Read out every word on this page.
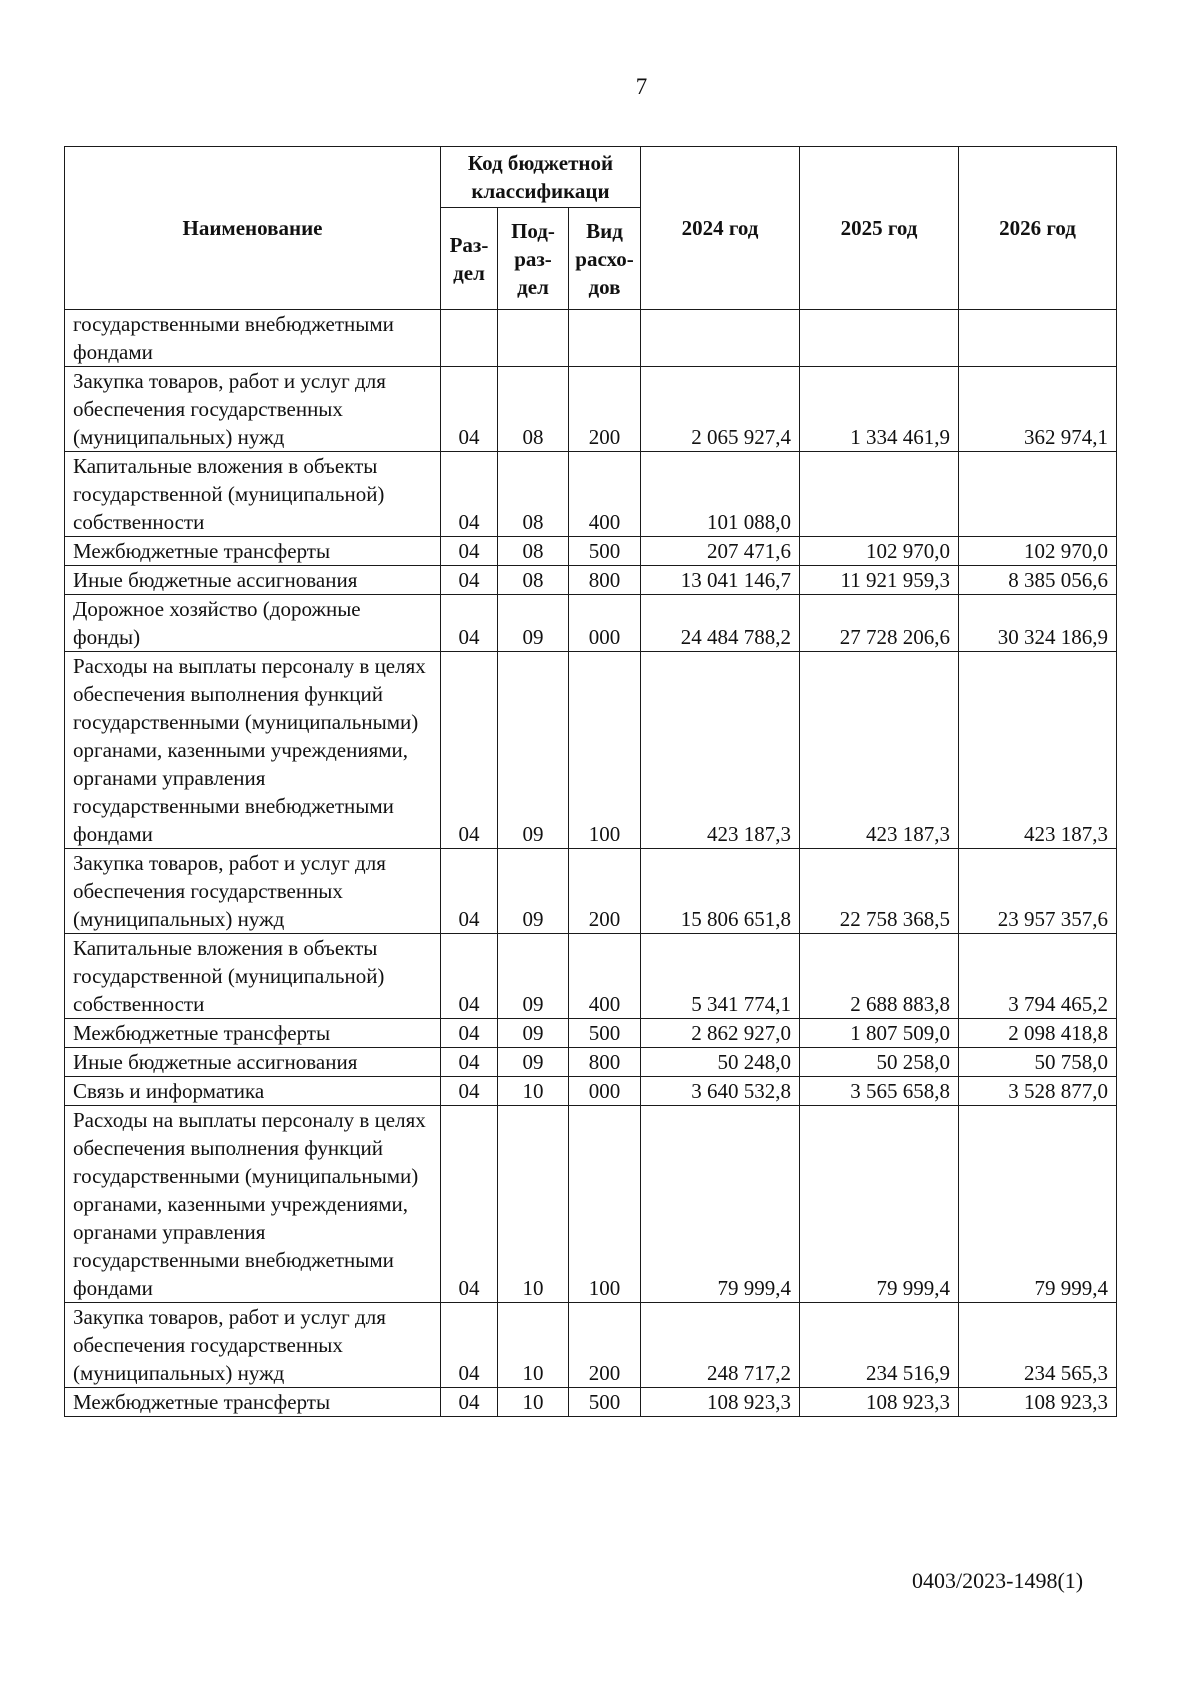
7
Наименование	Код бюджетной классификаци			2024 год	2025 год	2026 год
	Раз-дел	Под-раз-дел	Вид расхо-дов			
государственными внебюджетными фондами						
Закупка товаров, работ и услуг для обеспечения государственных (муниципальных) нужд	04	08	200	2 065 927,4	1 334 461,9	362 974,1
Капитальные вложения в объекты государственной (муниципальной) собственности	04	08	400	101 088,0		
Межбюджетные трансферты	04	08	500	207 471,6	102 970,0	102 970,0
Иные бюджетные ассигнования	04	08	800	13 041 146,7	11 921 959,3	8 385 056,6
Дорожное хозяйство (дорожные фонды)	04	09	000	24 484 788,2	27 728 206,6	30 324 186,9
Расходы на выплаты персоналу в целях обеспечения выполнения функций государственными (муниципальными) органами, казенными учреждениями, органами управления государственными внебюджетными фондами	04	09	100	423 187,3	423 187,3	423 187,3
Закупка товаров, работ и услуг для обеспечения государственных (муниципальных) нужд	04	09	200	15 806 651,8	22 758 368,5	23 957 357,6
Капитальные вложения в объекты государственной (муниципальной) собственности	04	09	400	5 341 774,1	2 688 883,8	3 794 465,2
Межбюджетные трансферты	04	09	500	2 862 927,0	1 807 509,0	2 098 418,8
Иные бюджетные ассигнования	04	09	800	50 248,0	50 258,0	50 758,0
Связь и информатика	04	10	000	3 640 532,8	3 565 658,8	3 528 877,0
Расходы на выплаты персоналу в целях обеспечения выполнения функций государственными (муниципальными) органами, казенными учреждениями, органами управления государственными внебюджетными фондами	04	10	100	79 999,4	79 999,4	79 999,4
Закупка товаров, работ и услуг для обеспечения государственных (муниципальных) нужд	04	10	200	248 717,2	234 516,9	234 565,3
Межбюджетные трансферты	04	10	500	108 923,3	108 923,3	108 923,3
0403/2023-1498(1)
